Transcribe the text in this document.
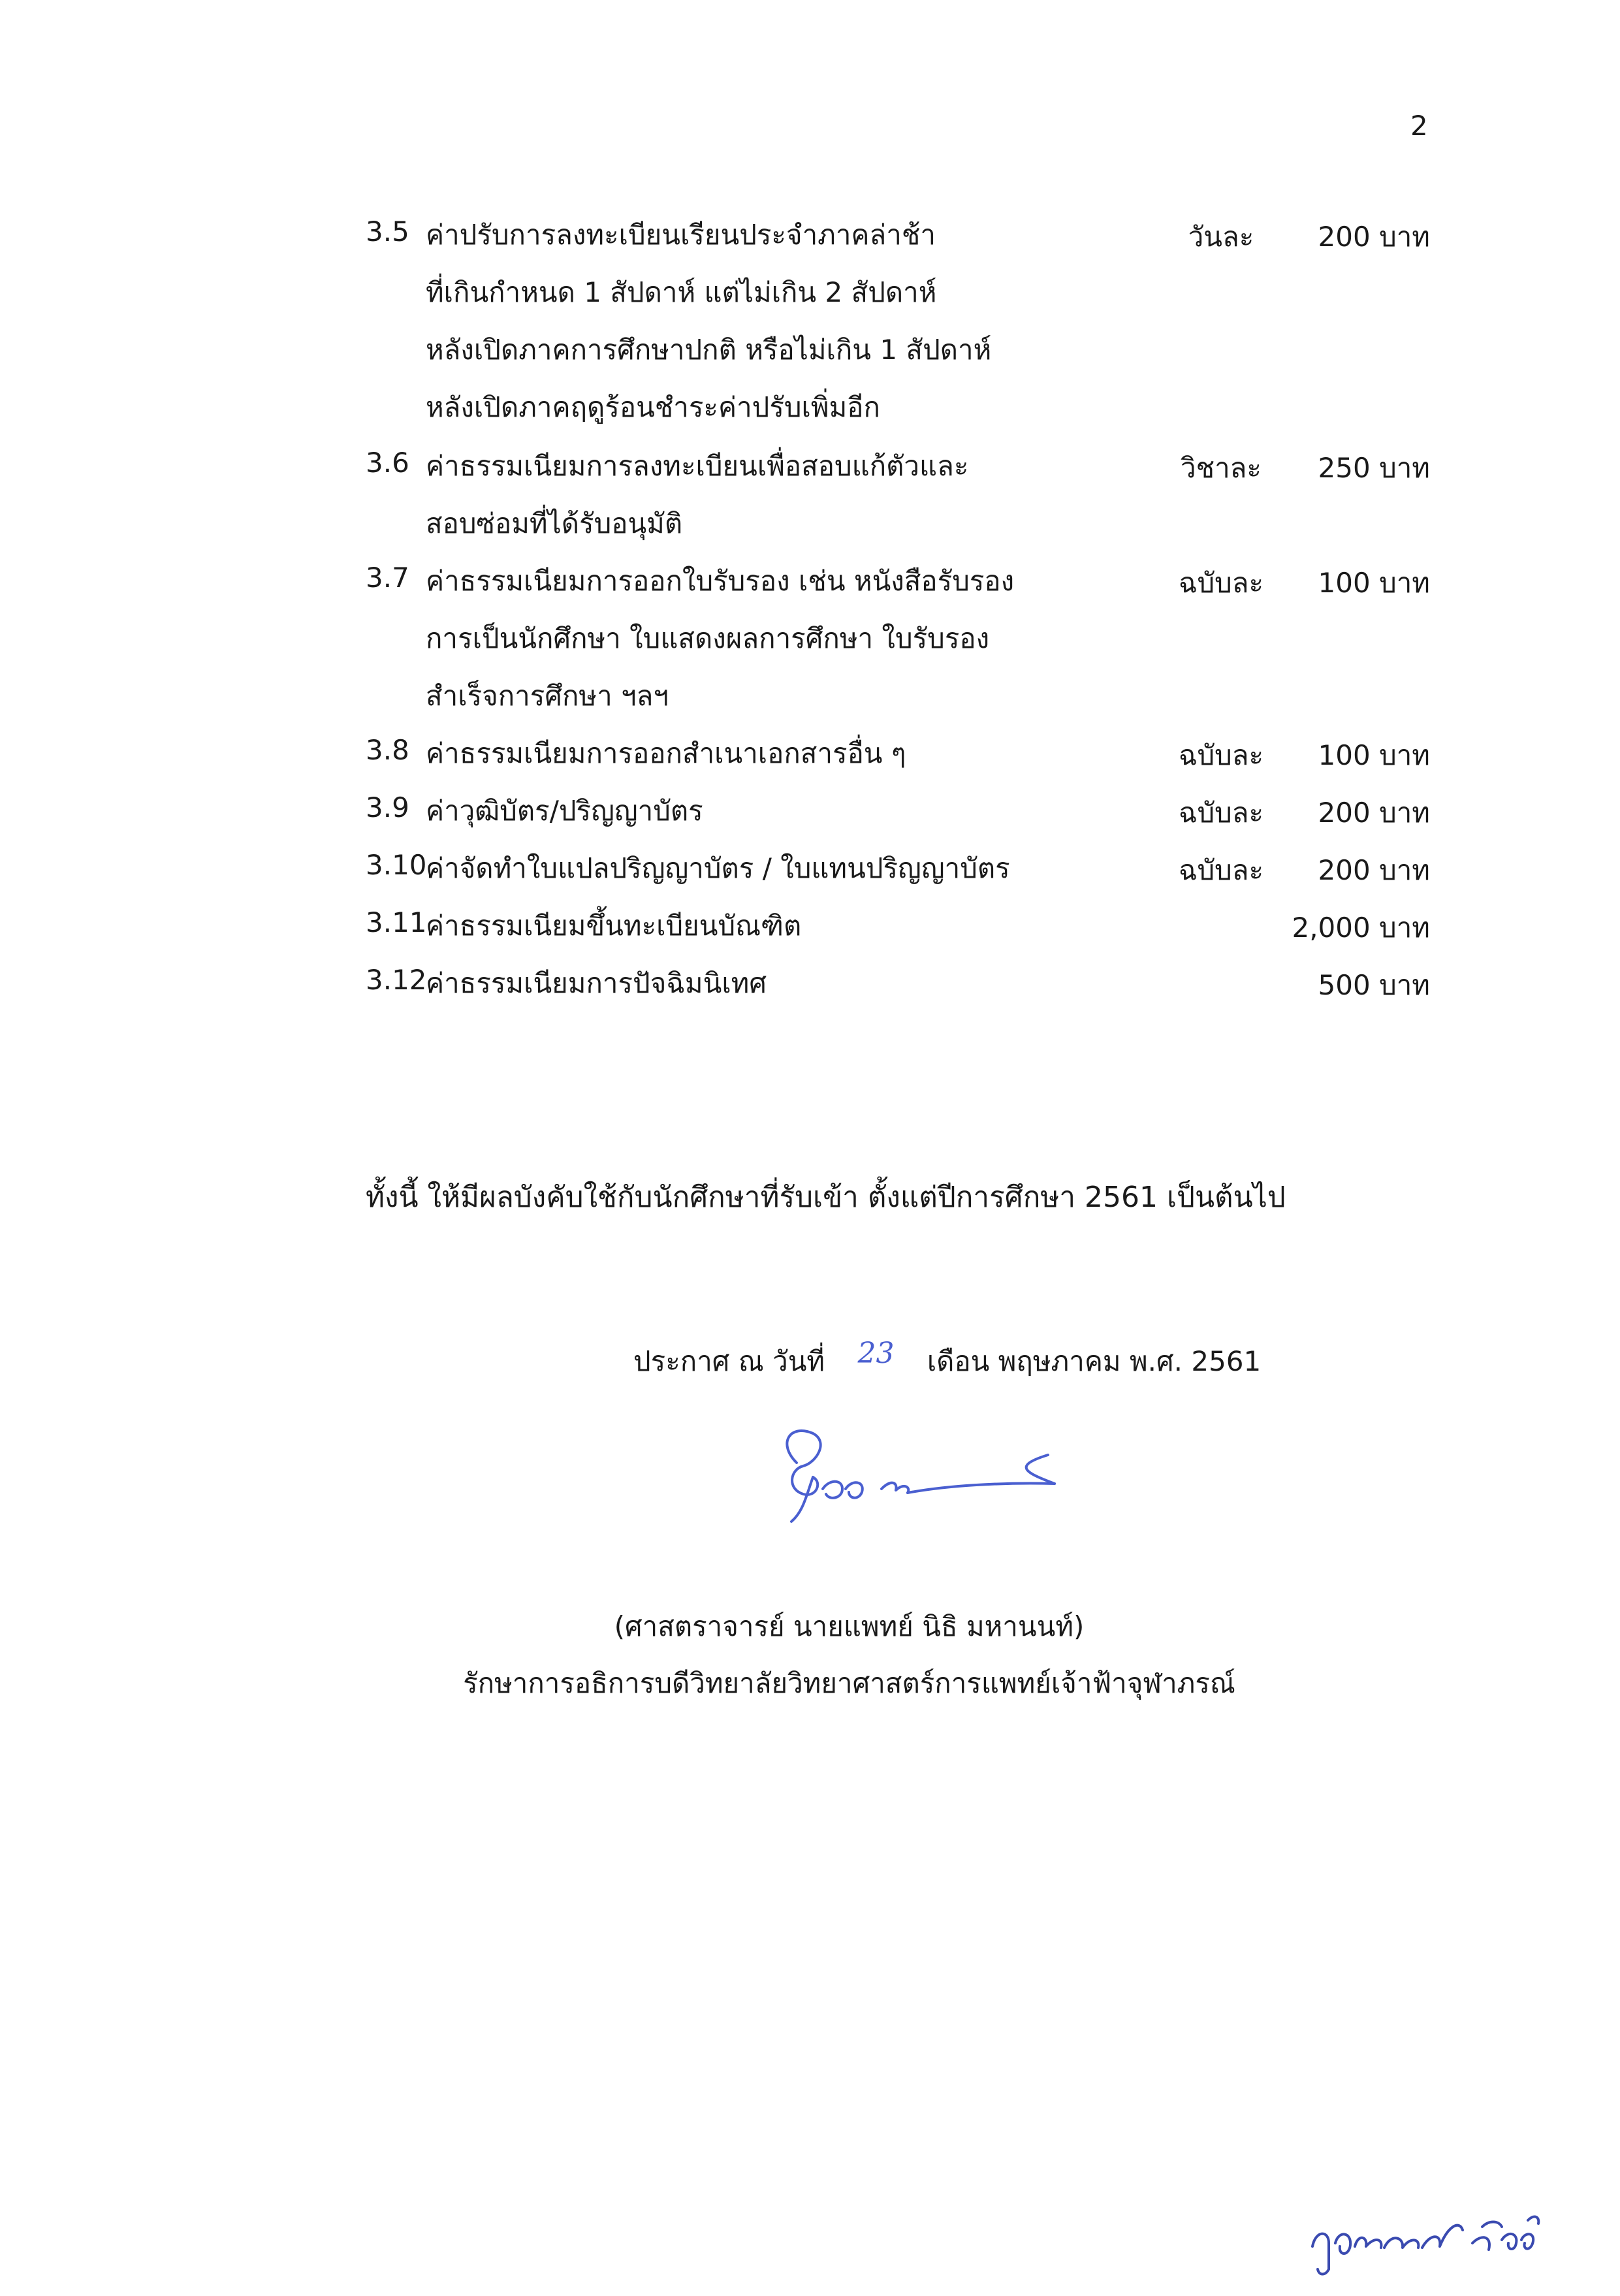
2
3.5 ค่าปรับการลงทะเบียนเรียนประจำภาคล่าช้า
ที่เกินกำหนด 1 สัปดาห์ แต่ไม่เกิน 2 สัปดาห์
หลังเปิดภาคการศึกษาปกติ หรือไม่เกิน 1 สัปดาห์
หลังเปิดภาคฤดูร้อนชำระค่าปรับเพิ่มอีก
วันละ	200 บาท
3.6 ค่าธรรมเนียมการลงทะเบียนเพื่อสอบแก้ตัวและ
สอบซ่อมที่ได้รับอนุมัติ
วิชาละ	250 บาท
3.7 ค่าธรรมเนียมการออกใบรับรอง เช่น หนังสือรับรอง
การเป็นนักศึกษา ใบแสดงผลการศึกษา ใบรับรอง
สำเร็จการศึกษา ฯลฯ
ฉบับละ	100 บาท
3.8 ค่าธรรมเนียมการออกสำเนาเอกสารอื่น ๆ	ฉบับละ	100 บาท
3.9 ค่าวุฒิบัตร/ปริญญาบัตร	ฉบับละ	200 บาท
3.10
ค่าจัดทำใบแปลปริญญาบัตร / ใบแทนปริญญาบัตร	ฉบับละ	200 บาท
3.11
ค่าธรรมเนียมขึ้นทะเบียนบัณฑิต	2,000 บาท
3.12
ค่าธรรมเนียมการปัจฉิมนิเทศ	500 บาท
ทั้งนี้ ให้มีผลบังคับใช้กับนักศึกษาที่รับเข้า ตั้งแต่ปีการศึกษา 2561 เป็นต้นไป
ประกาศ ณ วันที่ 23 เดือน พฤษภาคม พ.ศ. 2561
(ศาสตราจารย์ นายแพทย์ นิธิ มหานนท์)
รักษาการอธิการบดีวิทยาลัยวิทยาศาสตร์การแพทย์เจ้าฟ้าจุฬาภรณ์
